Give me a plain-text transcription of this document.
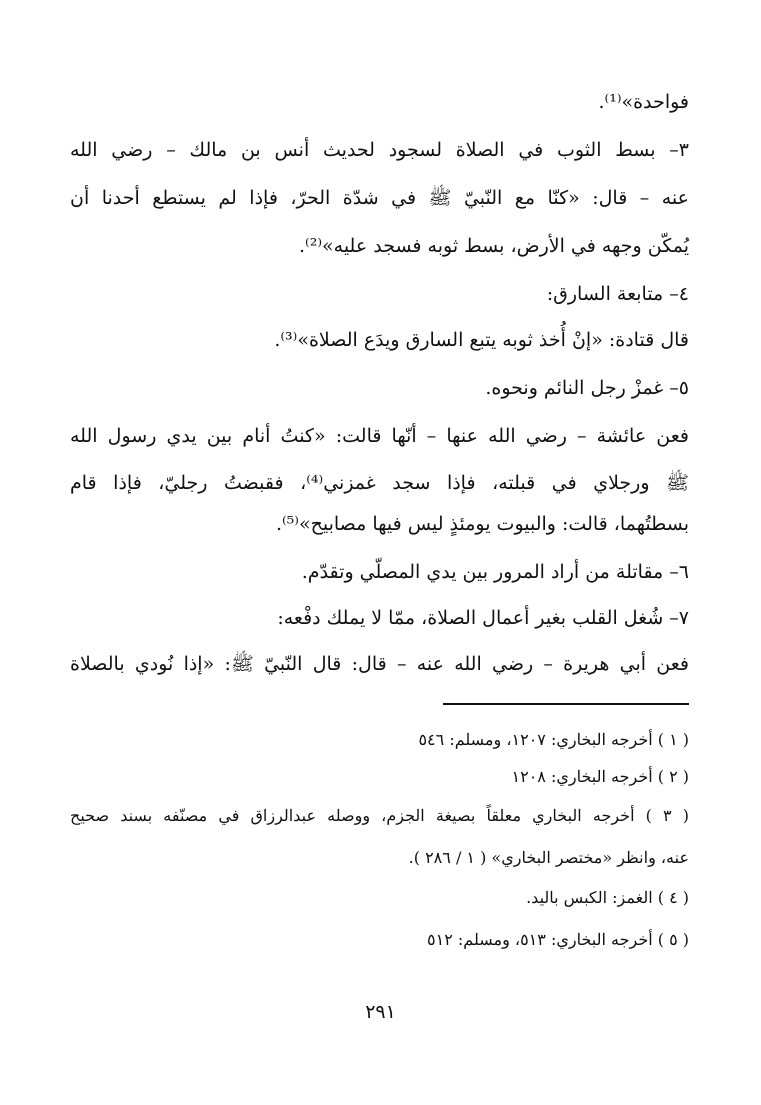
فواحدة»⁽¹⁾.
٣– بسط الثوب في الصلاة لسجود لحديث أنس بن مالك – رضي الله
عنه – قال: «كنّا مع النّبيّ ﷺ في شدّة الحرّ، فإذا لم يستطع أحدنا أن
يُمكّن وجهه في الأرض، بسط ثوبه فسجد عليه»⁽²⁾.
٤– متابعة السارق:
قال قتادة: «إنْ أُخذ ثوبه يتبع السارق ويدَع الصلاة»⁽³⁾.
٥– غمزْ رجل النائم ونحوه.
فعن عائشة – رضي الله عنها – أنّها قالت: «كنتُ أنام بين يدي رسول الله
ﷺ ورجلاي في قبلته، فإذا سجد غمزني⁽⁴⁾، فقبضتُ رجليّ، فإذا قام
بسطتُهما، قالت: والبيوت يومئذٍ ليس فيها مصابيح»⁽⁵⁾.
٦– مقاتلة من أراد المرور بين يدي المصلّي وتقدّم.
٧– شُغل القلب بغير أعمال الصلاة، ممّا لا يملك دفْعه:
فعن أبي هريرة – رضي الله عنه – قال: قال النّبيّ ﷺ: «إذا نُودي بالصلاة
( ١ ) أخرجه البخاري: ١٢٠٧، ومسلم: ٥٤٦
( ٢ ) أخرجه البخاري: ١٢٠٨
( ٣ ) أخرجه البخاري معلقاً بصيغة الجزم، ووصله عبدالرزاق في مصنّفه بسند صحيح
عنه، وانظر «مختصر البخاري» ( ١ / ٢٨٦ ).
( ٤ ) الغمز: الكبس باليد.
( ٥ ) أخرجه البخاري: ٥١٣، ومسلم: ٥١٢
٢٩١
